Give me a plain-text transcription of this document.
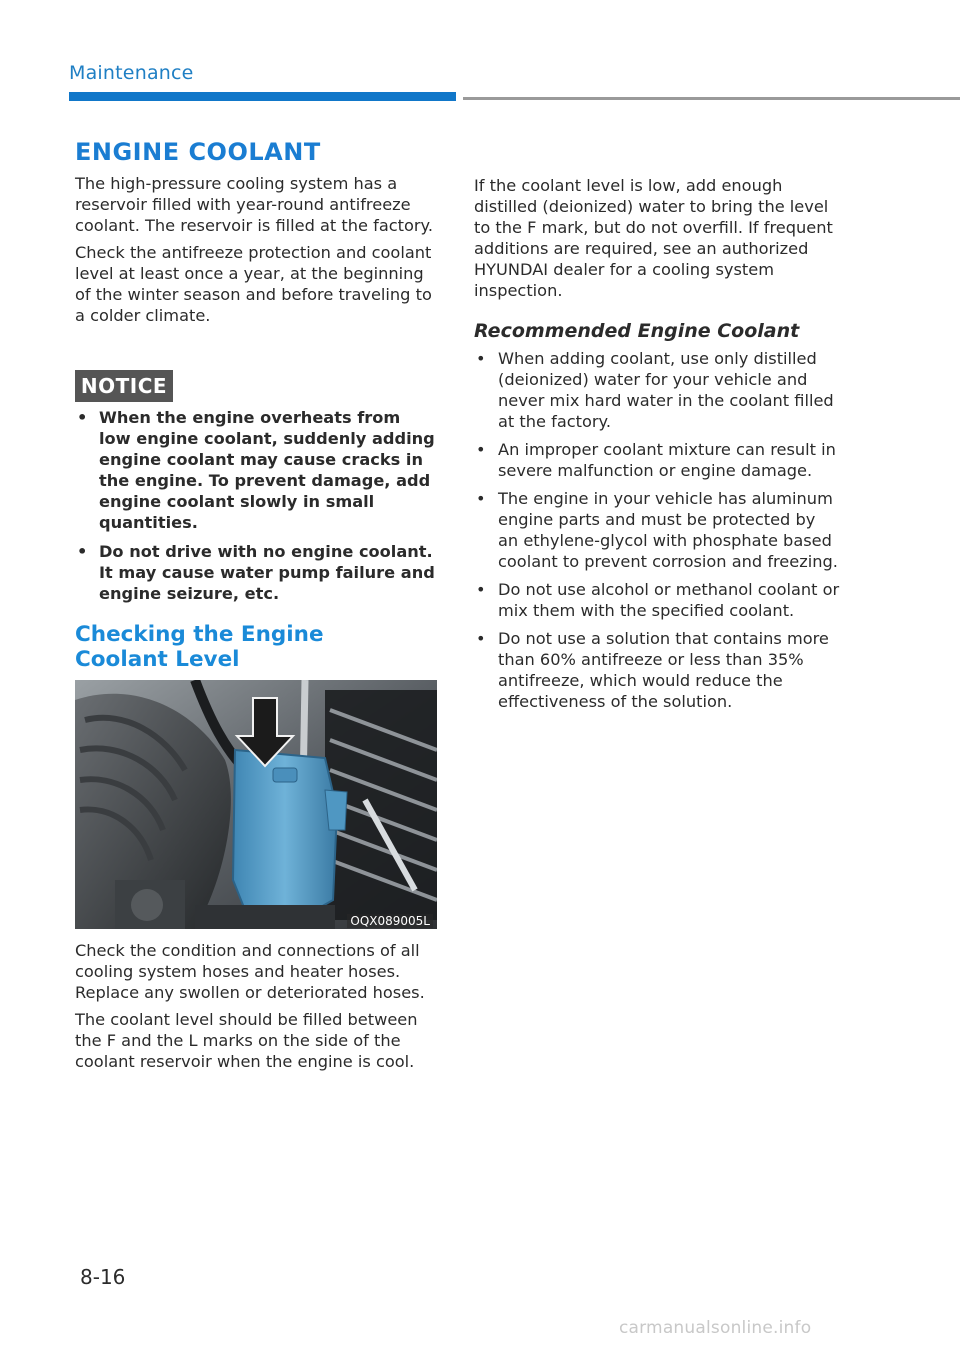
Maintenance
ENGINE COOLANT

The high-pressure cooling system has a reservoir filled with year-round antifreeze coolant. The reservoir is filled at the factory.

Check the antifreeze protection and coolant level at least once a year, at the beginning of the winter season and before traveling to a colder climate.

NOTICE
• When the engine overheats from low engine coolant, suddenly adding engine coolant may cause cracks in the engine. To prevent damage, add engine coolant slowly in small quantities.
• Do not drive with no engine coolant. It may cause water pump failure and engine seizure, etc.
Checking the Engine Coolant Level
OQX089005L

Check the condition and connections of all cooling system hoses and heater hoses. Replace any swollen or deteriorated hoses.

The coolant level should be filled between the F and the L marks on the side of the coolant reservoir when the engine is cool.

If the coolant level is low, add enough distilled (deionized) water to bring the level to the F mark, but do not overfill. If frequent additions are required, see an authorized HYUNDAI dealer for a cooling system inspection.

Recommended Engine Coolant
• When adding coolant, use only distilled (deionized) water for your vehicle and never mix hard water in the coolant filled at the factory.
• An improper coolant mixture can result in severe malfunction or engine damage.
• The engine in your vehicle has aluminum engine parts and must be protected by an ethylene-glycol with phosphate based coolant to prevent corrosion and freezing.
• Do not use alcohol or methanol coolant or mix them with the specified coolant.
• Do not use a solution that contains more than 60% antifreeze or less than 35% antifreeze, which would reduce the effectiveness of the solution.
8-16
carmanualsonline.info
